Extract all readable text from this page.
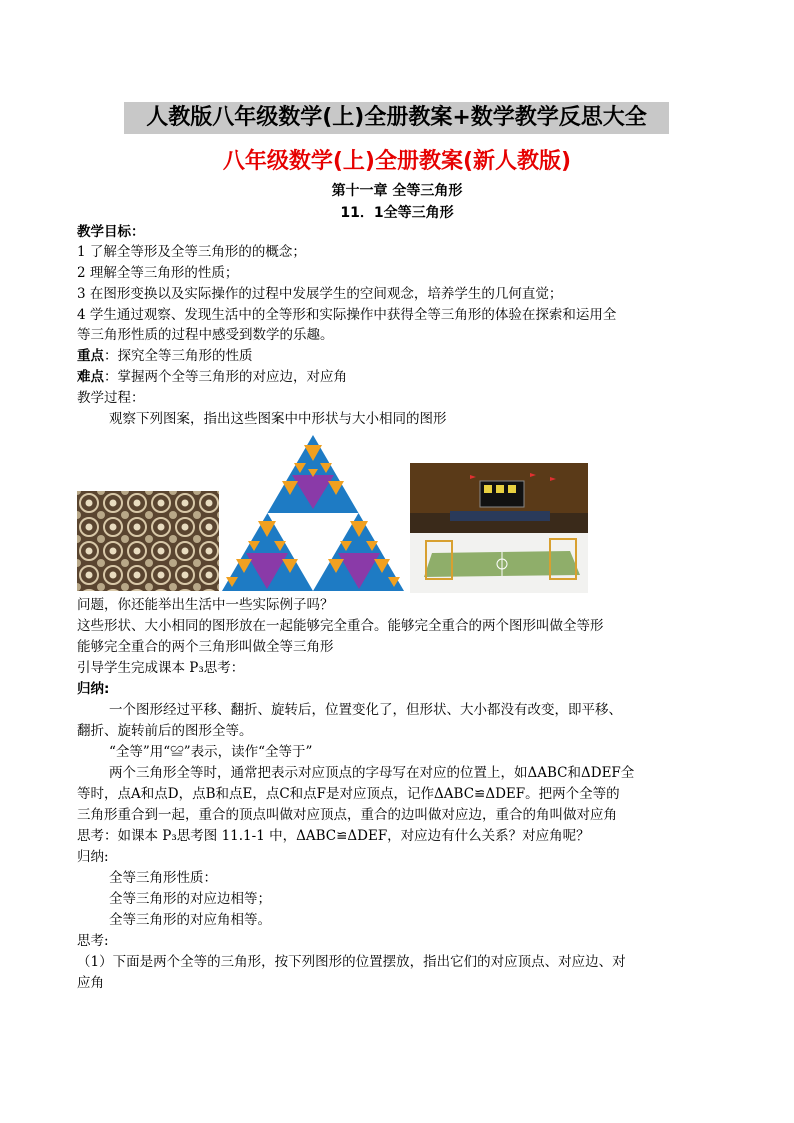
人教版八年级数学(上)全册教案+数学教学反思大全
八年级数学(上)全册教案(新人教版)
第十一章 全等三角形
11．1全等三角形
教学目标：
1 了解全等形及全等三角形的的概念；
2 理解全等三角形的性质；
3 在图形变换以及实际操作的过程中发展学生的空间观念，培养学生的几何直觉；
4 学生通过观察、发现生活中的全等形和实际操作中获得全等三角形的体验在探索和运用全
等三角形性质的过程中感受到数学的乐趣。
重点：探究全等三角形的性质
难点：掌握两个全等三角形的对应边，对应角
教学过程：
观察下列图案，指出这些图案中中形状与大小相同的图形
问题，你还能举出生活中一些实际例子吗？
这些形状、大小相同的图形放在一起能够完全重合。能够完全重合的两个图形叫做全等形
能够完全重合的两个三角形叫做全等三角形
引导学生完成课本 P₃思考：
归纳:
一个图形经过平移、翻折、旋转后，位置变化了，但形状、大小都没有改变，即平移、
翻折、旋转前后的图形全等。
“全等”用“≌”表示，读作“全等于”
两个三角形全等时，通常把表示对应顶点的字母写在对应的位置上，如ΔABC和ΔDEF全
等时，点A和点D，点B和点E，点C和点F是对应顶点，记作ΔABC≌ΔDEF。把两个全等的
三角形重合到一起，重合的顶点叫做对应顶点，重合的边叫做对应边，重合的角叫做对应角
思考：如课本 P₃思考图 11.1-1 中，ΔABC≌ΔDEF，对应边有什么关系？对应角呢？
归纳:
全等三角形性质：
全等三角形的对应边相等；
全等三角形的对应角相等。
思考:
（1）下面是两个全等的三角形，按下列图形的位置摆放，指出它们的对应顶点、对应边、对
应角
